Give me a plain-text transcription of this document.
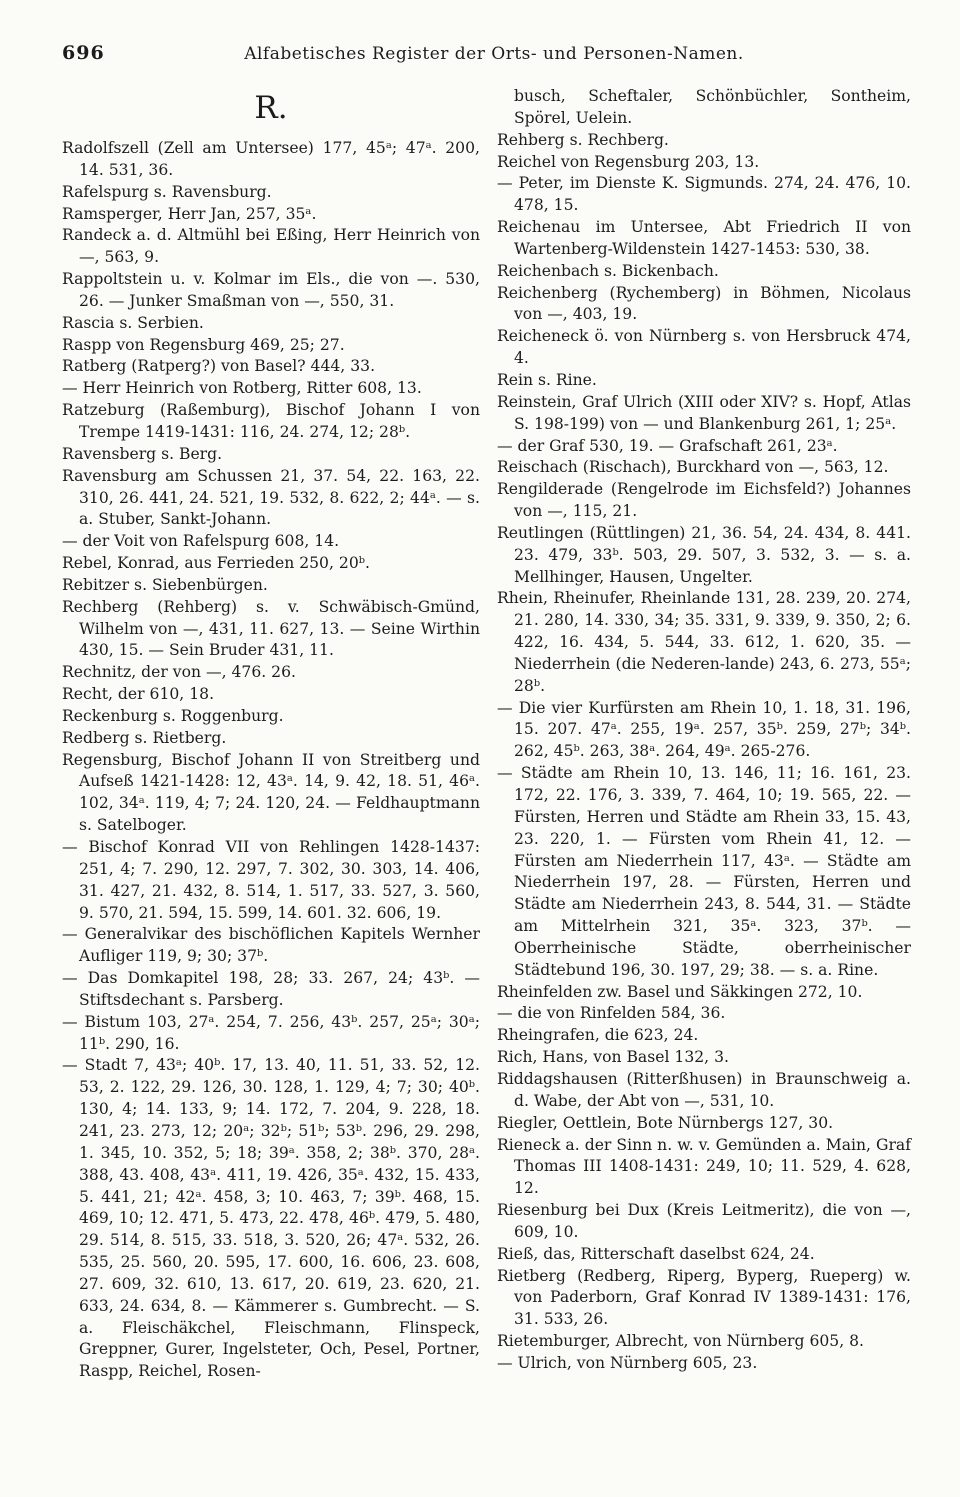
696	Alfabetisches Register der Orts- und Personen-Namen.
R.

Radolfszell (Zell am Untersee) 177, 45ᵃ; 47ᵃ. 200, 14. 531, 36.

Rafelspurg s. Ravensburg.

Ramsperger, Herr Jan, 257, 35ᵃ.

Randeck a. d. Altmühl bei Eßing, Herr Heinrich von —, 563, 9.

Rappoltstein u. v. Kolmar im Els., die von —. 530, 26. — Junker Smaßman von —, 550, 31.

Rascia s. Serbien.

Raspp von Regensburg 469, 25; 27.

Ratberg (Ratperg?) von Basel? 444, 33.

— Herr Heinrich von Rotberg, Ritter 608, 13.

Ratzeburg (Raßemburg), Bischof Johann I von Trempe 1419-1431: 116, 24. 274, 12; 28ᵇ.

Ravensberg s. Berg.

Ravensburg am Schussen 21, 37. 54, 22. 163, 22. 310, 26. 441, 24. 521, 19. 532, 8. 622, 2; 44ᵃ. — s. a. Stuber, Sankt-Johann.

— der Voit von Rafelspurg 608, 14.

Rebel, Konrad, aus Ferrieden 250, 20ᵇ.

Rebitzer s. Siebenbürgen.

Rechberg (Rehberg) s. v. Schwäbisch-Gmünd, Wilhelm von —, 431, 11. 627, 13. — Seine Wirthin 430, 15. — Sein Bruder 431, 11.

Rechnitz, der von —, 476. 26.

Recht, der 610, 18.

Reckenburg s. Roggenburg.

Redberg s. Rietberg.

Regensburg, Bischof Johann II von Streitberg und Aufseß 1421-1428: 12, 43ᵃ. 14, 9. 42, 18. 51, 46ᵃ. 102, 34ᵃ. 119, 4; 7; 24. 120, 24. — Feldhauptmann s. Satelboger.

— Bischof Konrad VII von Rehlingen 1428-1437: 251, 4; 7. 290, 12. 297, 7. 302, 30. 303, 14. 406, 31. 427, 21. 432, 8. 514, 1. 517, 33. 527, 3. 560, 9. 570, 21. 594, 15. 599, 14. 601. 32. 606, 19.

— Generalvikar des bischöflichen Kapitels Wernher Aufliger 119, 9; 30; 37ᵇ.

— Das Domkapitel 198, 28; 33. 267, 24; 43ᵇ. — Stiftsdechant s. Parsberg.

— Bistum 103, 27ᵃ. 254, 7. 256, 43ᵇ. 257, 25ᵃ; 30ᵃ; 11ᵇ. 290, 16.

— Stadt 7, 43ᵃ; 40ᵇ. 17, 13. 40, 11. 51, 33. 52, 12. 53, 2. 122, 29. 126, 30. 128, 1. 129, 4; 7; 30; 40ᵇ. 130, 4; 14. 133, 9; 14. 172, 7. 204, 9. 228, 18. 241, 23. 273, 12; 20ᵃ; 32ᵇ; 51ᵇ; 53ᵇ. 296, 29. 298, 1. 345, 10. 352, 5; 18; 39ᵃ. 358, 2; 38ᵇ. 370, 28ᵃ. 388, 43. 408, 43ᵃ. 411, 19. 426, 35ᵃ. 432, 15. 433, 5. 441, 21; 42ᵃ. 458, 3; 10. 463, 7; 39ᵇ. 468, 15. 469, 10; 12. 471, 5. 473, 22. 478, 46ᵇ. 479, 5. 480, 29. 514, 8. 515, 33. 518, 3. 520, 26; 47ᵃ. 532, 26. 535, 25. 560, 20. 595, 17. 600, 16. 606, 23. 608, 27. 609, 32. 610, 13. 617, 20. 619, 23. 620, 21. 633, 24. 634, 8. — Kämmerer s. Gumbrecht. — S. a. Fleischäkchel, Fleischmann, Flinspeck, Greppner, Gurer, Ingelsteter, Och, Pesel, Portner, Raspp, Reichel, Rosen-

busch, Scheftaler, Schönbüchler, Sontheim, Spörel, Uelein.

Rehberg s. Rechberg.

Reichel von Regensburg 203, 13.

— Peter, im Dienste K. Sigmunds. 274, 24. 476, 10. 478, 15.

Reichenau im Untersee, Abt Friedrich II von Wartenberg-Wildenstein 1427-1453: 530, 38.

Reichenbach s. Bickenbach.

Reichenberg (Rychemberg) in Böhmen, Nicolaus von —, 403, 19.

Reicheneck ö. von Nürnberg s. von Hersbruck 474, 4.

Rein s. Rine.

Reinstein, Graf Ulrich (XIII oder XIV? s. Hopf, Atlas S. 198-199) von — und Blankenburg 261, 1; 25ᵃ.

— der Graf 530, 19. — Grafschaft 261, 23ᵃ.

Reischach (Rischach), Burckhard von —, 563, 12.

Rengilderade (Rengelrode im Eichsfeld?) Johannes von —, 115, 21.

Reutlingen (Rüttlingen) 21, 36. 54, 24. 434, 8. 441. 23. 479, 33ᵇ. 503, 29. 507, 3. 532, 3. — s. a. Mellhinger, Hausen, Ungelter.

Rhein, Rheinufer, Rheinlande 131, 28. 239, 20. 274, 21. 280, 14. 330, 34; 35. 331, 9. 339, 9. 350, 2; 6. 422, 16. 434, 5. 544, 33. 612, 1. 620, 35. — Niederrhein (die Nederen-lande) 243, 6. 273, 55ᵃ; 28ᵇ.

— Die vier Kurfürsten am Rhein 10, 1. 18, 31. 196, 15. 207. 47ᵃ. 255, 19ᵃ. 257, 35ᵇ. 259, 27ᵇ; 34ᵇ. 262, 45ᵇ. 263, 38ᵃ. 264, 49ᵃ. 265-276.

— Städte am Rhein 10, 13. 146, 11; 16. 161, 23. 172, 22. 176, 3. 339, 7. 464, 10; 19. 565, 22. — Fürsten, Herren und Städte am Rhein 33, 15. 43, 23. 220, 1. — Fürsten vom Rhein 41, 12. — Fürsten am Niederrhein 117, 43ᵃ. — Städte am Niederrhein 197, 28. — Fürsten, Herren und Städte am Niederrhein 243, 8. 544, 31. — Städte am Mittelrhein 321, 35ᵃ. 323, 37ᵇ. — Oberrheinische Städte, oberrheinischer Städtebund 196, 30. 197, 29; 38. — s. a. Rine.

Rheinfelden zw. Basel und Säkkingen 272, 10.

— die von Rinfelden 584, 36.

Rheingrafen, die 623, 24.

Rich, Hans, von Basel 132, 3.

Riddagshausen (Ritterßhusen) in Braunschweig a. d. Wabe, der Abt von —, 531, 10.

Riegler, Oettlein, Bote Nürnbergs 127, 30.

Rieneck a. der Sinn n. w. v. Gemünden a. Main, Graf Thomas III 1408-1431: 249, 10; 11. 529, 4. 628, 12.

Riesenburg bei Dux (Kreis Leitmeritz), die von —, 609, 10.

Rieß, das, Ritterschaft daselbst 624, 24.

Rietberg (Redberg, Riperg, Byperg, Rueperg) w. von Paderborn, Graf Konrad IV 1389-1431: 176, 31. 533, 26.

Rietemburger, Albrecht, von Nürnberg 605, 8.

— Ulrich, von Nürnberg 605, 23.
